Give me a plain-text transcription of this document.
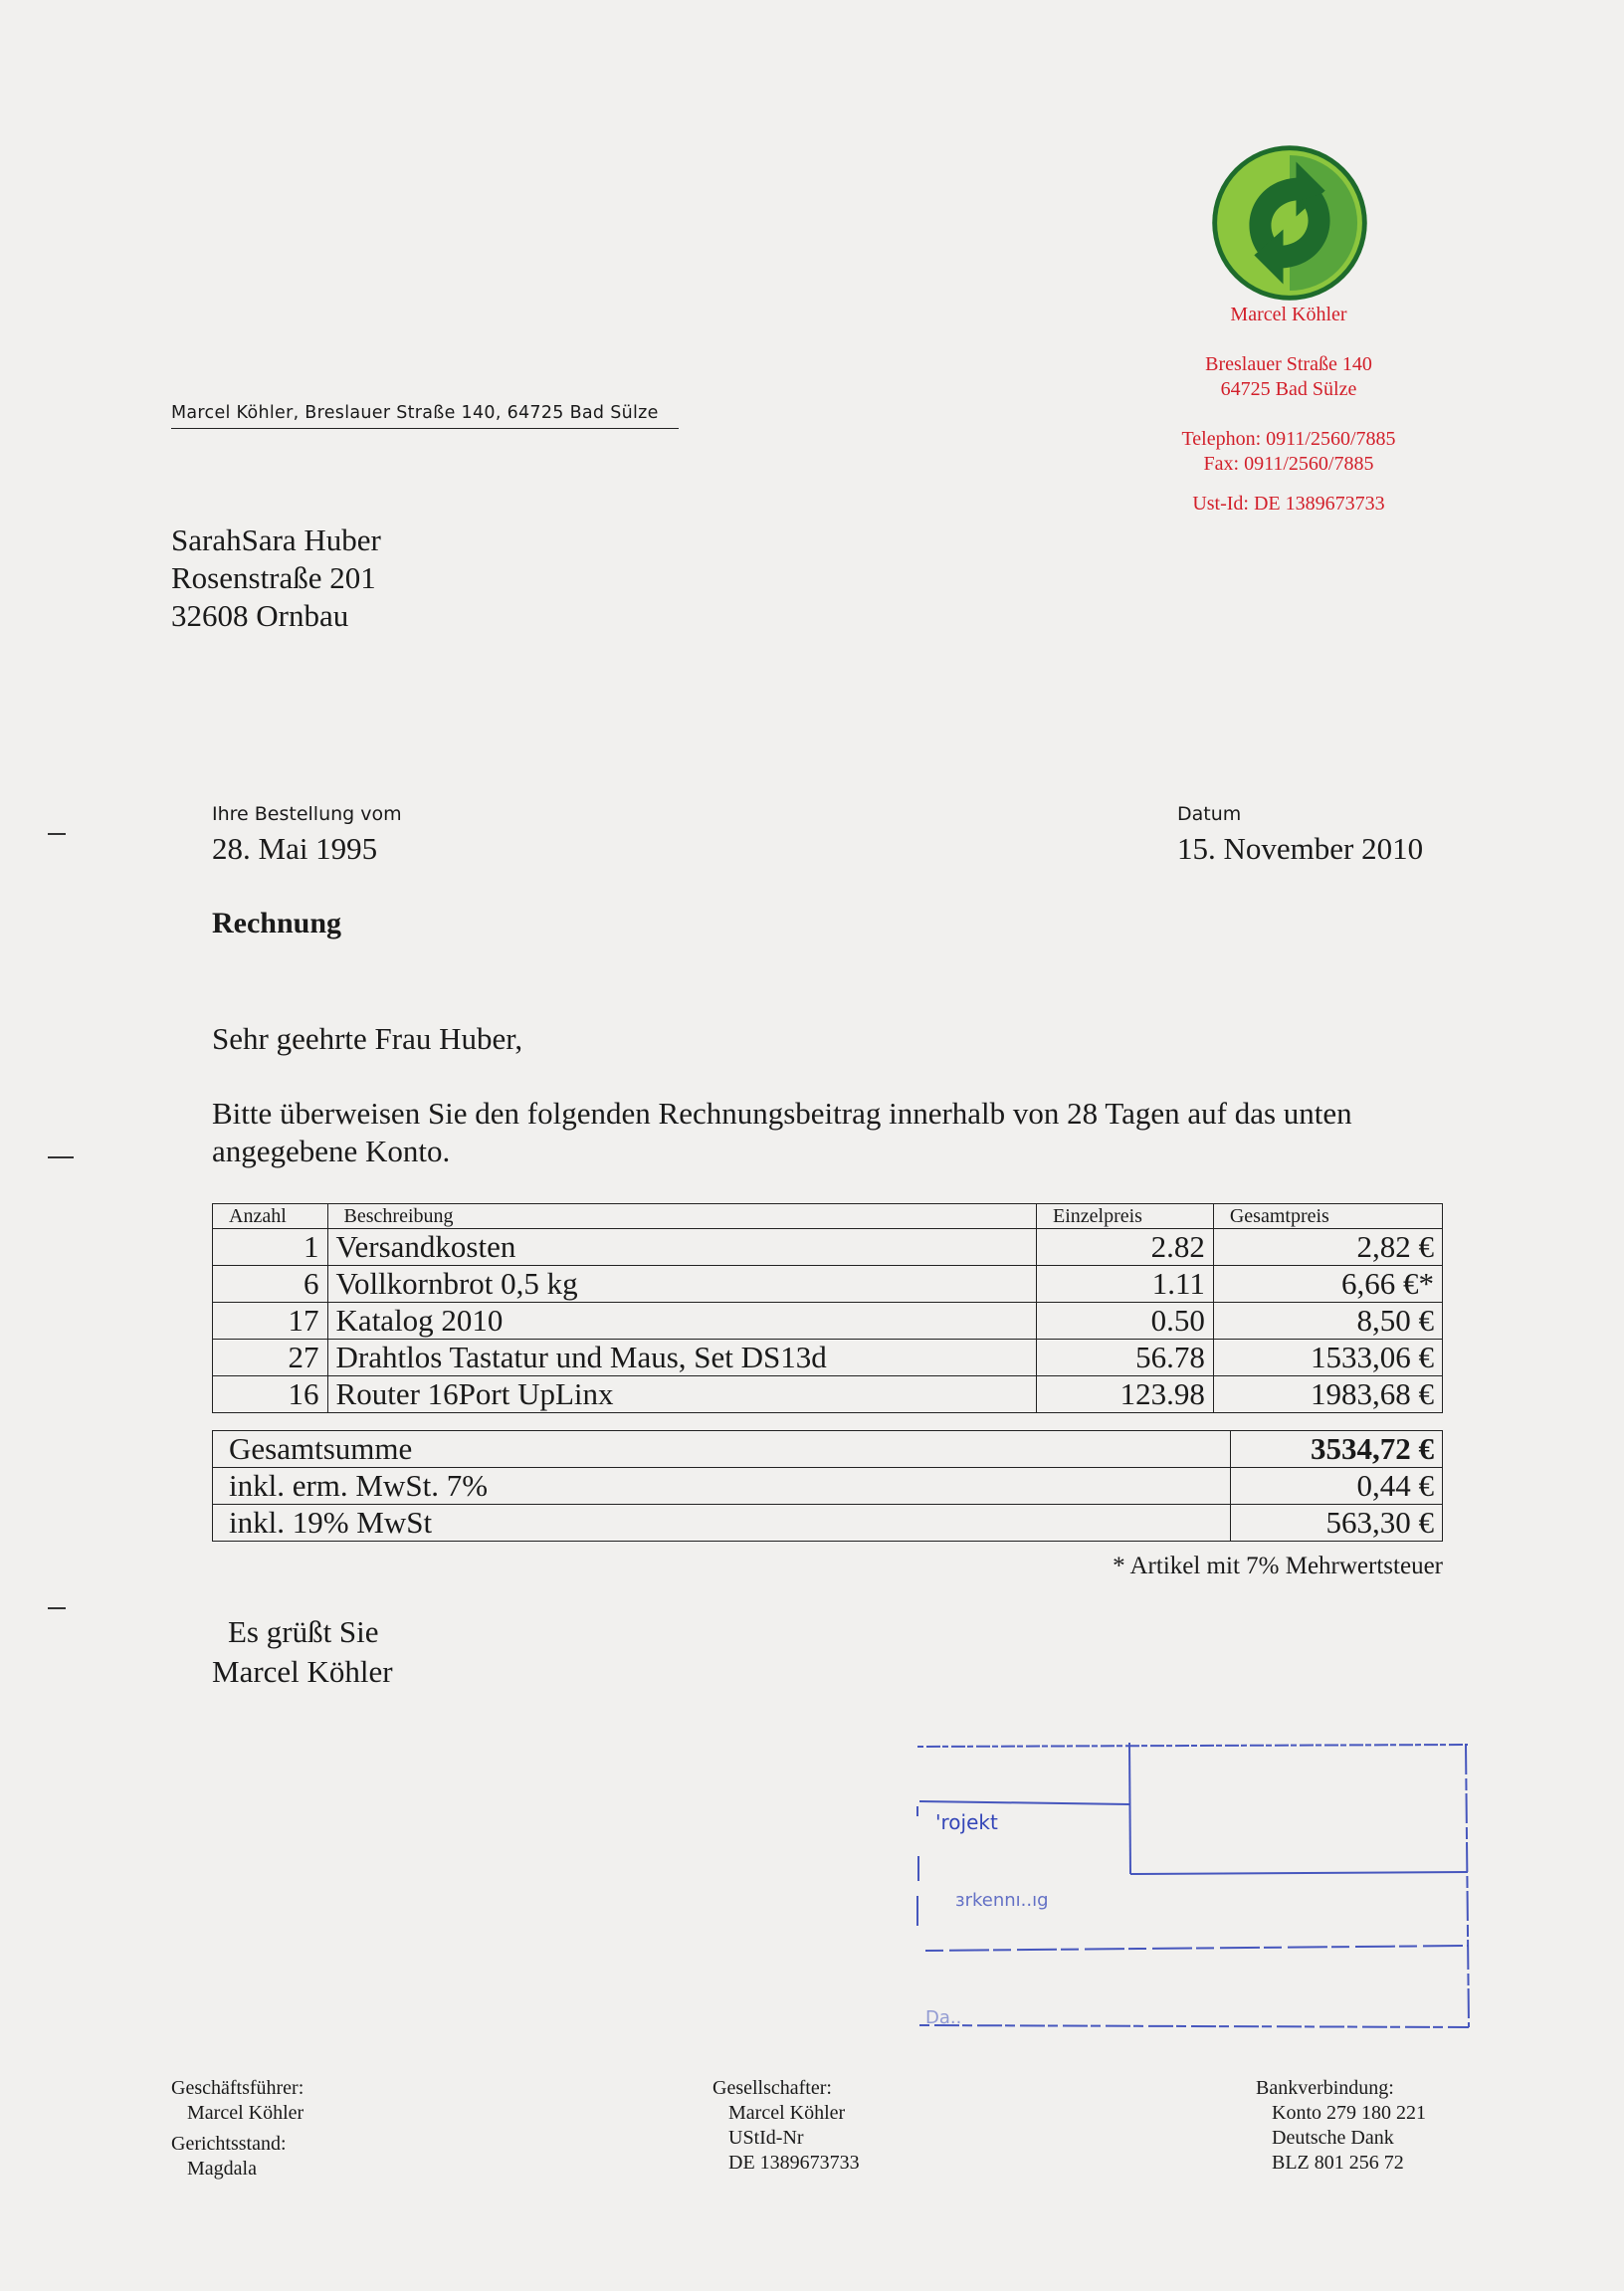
Marcel Köhler
Breslauer Straße 140
64725 Bad Sülze
Telephon: 0911/2560/7885
Fax: 0911/2560/7885
Ust-Id: DE 1389673733
Marcel Köhler, Breslauer Straße 140, 64725 Bad Sülze
SarahSara Huber
Rosenstraße 201
32608 Ornbau
Ihre Bestellung vom
28. Mai 1995
Datum
15. November 2010
Rechnung
Sehr geehrte Frau Huber,
Bitte überweisen Sie den folgenden Rechnungsbeitrag innerhalb von 28 Tagen auf das unten angegebene Konto.
Anzahl	Beschreibung	Einzelpreis	Gesamtpreis
1	Versandkosten	2.82	2,82 €
6	Vollkornbrot 0,5 kg	1.11	6,66 €*
17	Katalog 2010	0.50	8,50 €
27	Drahtlos Tastatur und Maus, Set DS13d	56.78	1533,06 €
16	Router 16Port UpLinx	123.98	1983,68 €
Gesamtsumme	3534,72 €
inkl. erm. MwSt. 7%	0,44 €
inkl. 19% MwSt	563,30 €
* Artikel mit 7% Mehrwertsteuer
Es grüßt Sie
Marcel Köhler
'rojekt
ɜrkennı..ıg
Da..
Geschäftsführer:
Marcel Köhler
Gerichtsstand:
Magdala
Gesellschafter:
Marcel Köhler
UStId-Nr
DE 1389673733
Bankverbindung:
Konto 279 180 221
Deutsche Dank
BLZ 801 256 72
